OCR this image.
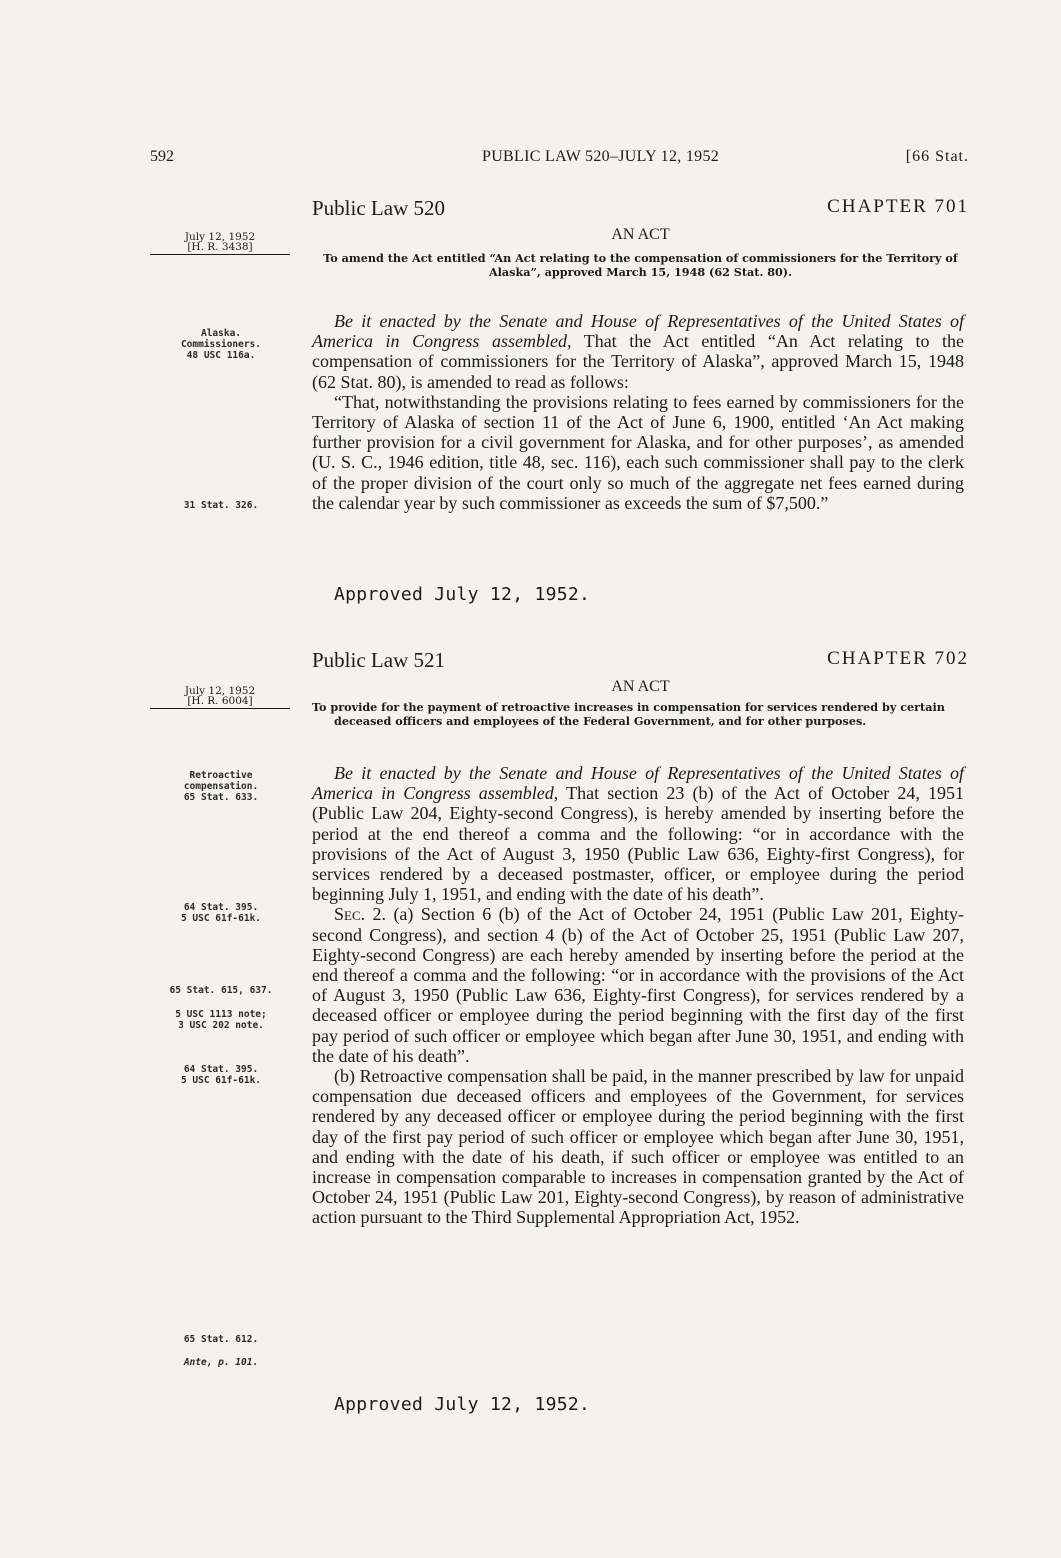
592	PUBLIC LAW 520–JULY 12, 1952	[66 Stat.
Public Law 520	CHAPTER 701
AN ACT
July 12, 1952
[H. R. 3438]
To amend the Act entitled “An Act relating to the compensation of commissioners for the Territory of Alaska”, approved March 15, 1948 (62 Stat. 80).
Alaska.
Commissioners.
48 USC 116a.
31 Stat. 326.

Be it enacted by the Senate and House of Representatives of the United States of America in Congress assembled, That the Act entitled “An Act relating to the compensation of commissioners for the Territory of Alaska”, approved March 15, 1948 (62 Stat. 80), is amended to read as follows:

“That, notwithstanding the provisions relating to fees earned by commissioners for the Territory of Alaska of section 11 of the Act of June 6, 1900, entitled ‘An Act making further provision for a civil government for Alaska, and for other purposes’, as amended (U. S. C., 1946 edition, title 48, sec. 116), each such commissioner shall pay to the clerk of the proper division of the court only so much of the aggregate net fees earned during the calendar year by such commissioner as exceeds the sum of $7,500.”

Approved July 12, 1952.
Public Law 521	CHAPTER 702
AN ACT
July 12, 1952
[H. R. 6004]	To provide for the payment of retroactive increases in compensation for services rendered by certain deceased officers and employees of the Federal Government, and for other purposes.
Retroactive compensation.
65 Stat. 633.
64 Stat. 395.
5 USC 61f-61k.
65 Stat. 615, 637.
5 USC 1113 note;
3 USC 202 note.
64 Stat. 395.
5 USC 61f-61k.
65 Stat. 612.
Ante, p. 101.

Be it enacted by the Senate and House of Representatives of the United States of America in Congress assembled, That section 23 (b) of the Act of October 24, 1951 (Public Law 204, Eighty-second Congress), is hereby amended by inserting before the period at the end thereof a comma and the following: “or in accordance with the provisions of the Act of August 3, 1950 (Public Law 636, Eighty-first Congress), for services rendered by a deceased postmaster, officer, or employee during the period beginning July 1, 1951, and ending with the date of his death”.

Sec. 2. (a) Section 6 (b) of the Act of October 24, 1951 (Public Law 201, Eighty-second Congress), and section 4 (b) of the Act of October 25, 1951 (Public Law 207, Eighty-second Congress) are each hereby amended by inserting before the period at the end thereof a comma and the following: “or in accordance with the provisions of the Act of August 3, 1950 (Public Law 636, Eighty-first Congress), for services rendered by a deceased officer or employee during the period beginning with the first day of the first pay period of such officer or employee which began after June 30, 1951, and ending with the date of his death”.

(b) Retroactive compensation shall be paid, in the manner prescribed by law for unpaid compensation due deceased officers and employees of the Government, for services rendered by any deceased officer or employee during the period beginning with the first day of the first pay period of such officer or employee which began after June 30, 1951, and ending with the date of his death, if such officer or employee was entitled to an increase in compensation comparable to increases in compensation granted by the Act of October 24, 1951 (Public Law 201, Eighty-second Congress), by reason of administrative action pursuant to the Third Supplemental Appropriation Act, 1952.

Approved July 12, 1952.
